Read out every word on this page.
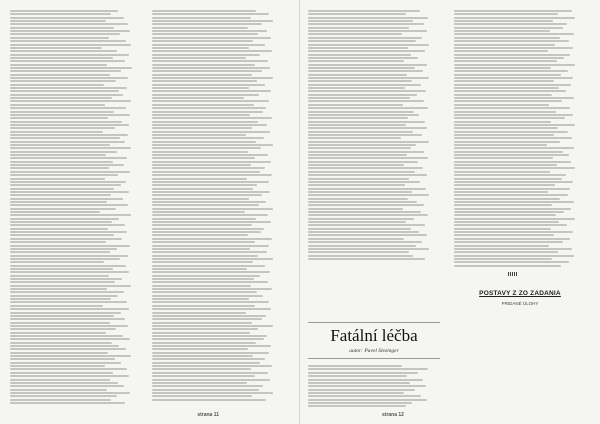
strana 11
POSTAVY Z ZO ZADANIA
PRIDANÉ ÚLOHY
Fatální léčba
autor: Pavel Slezinger
strana 12
